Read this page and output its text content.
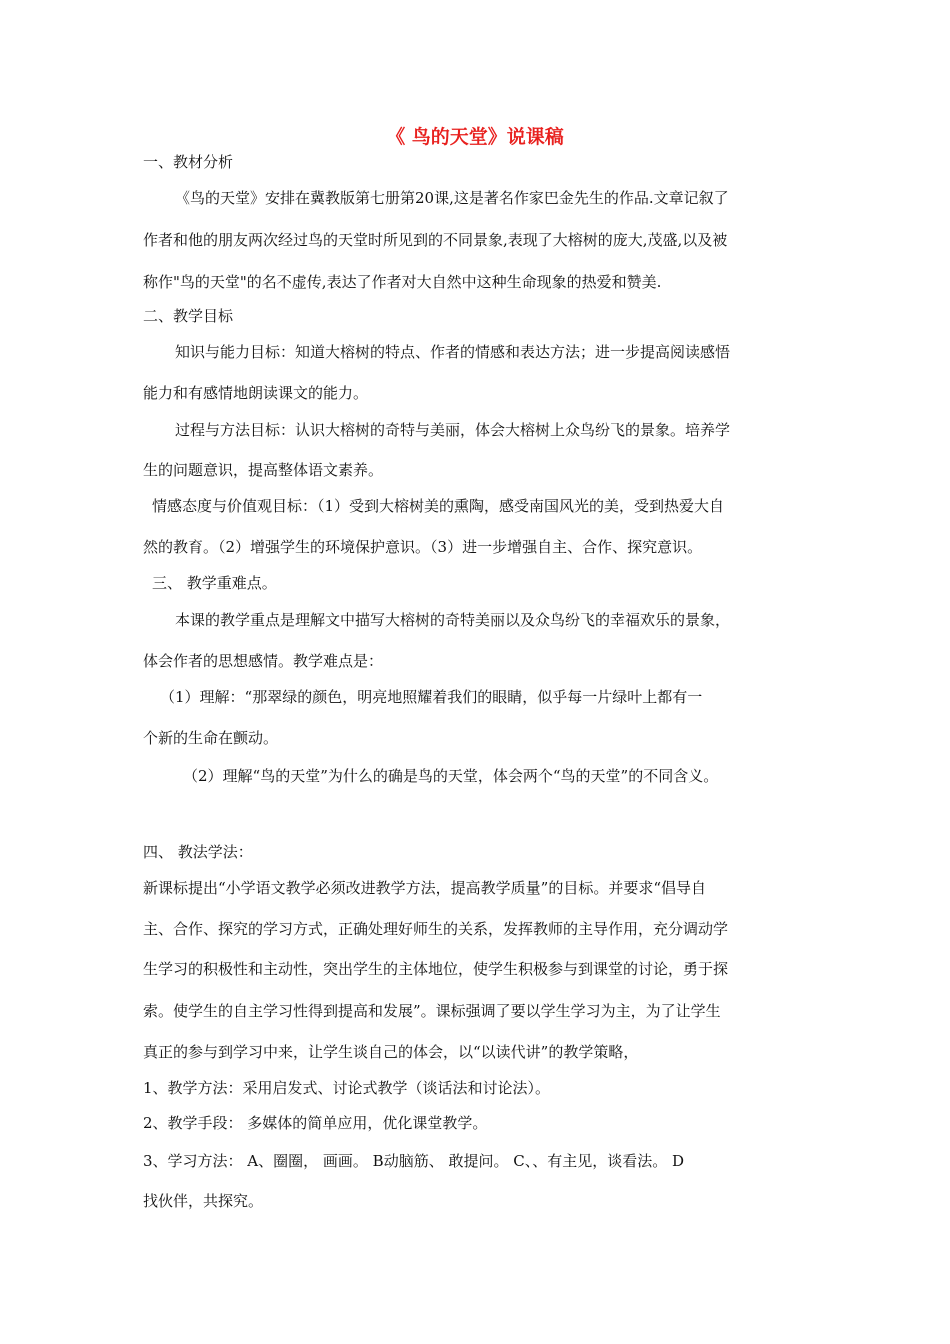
《 鸟的天堂》说课稿
一、教材分析
《鸟的天堂》安排在冀教版第七册第20课,这是著名作家巴金先生的作品.文章记叙了
作者和他的朋友两次经过鸟的天堂时所见到的不同景象,表现了大榕树的庞大,茂盛,以及被
称作"鸟的天堂"的名不虚传,表达了作者对大自然中这种生命现象的热爱和赞美.
二、教学目标
知识与能力目标：知道大榕树的特点、作者的情感和表达方法；进一步提高阅读感悟
能力和有感情地朗读课文的能力。
过程与方法目标：认识大榕树的奇特与美丽，体会大榕树上众鸟纷飞的景象。培养学
生的问题意识，提高整体语文素养。
情感态度与价值观目标：（1）受到大榕树美的熏陶，感受南国风光的美，受到热爱大自
然的教育。（2）增强学生的环境保护意识。（3）进一步增强自主、合作、探究意识。
三、 教学重难点。
本课的教学重点是理解文中描写大榕树的奇特美丽以及众鸟纷飞的幸福欢乐的景象，
体会作者的思想感情。教学难点是：
（1）理解：“那翠绿的颜色，明亮地照耀着我们的眼睛，似乎每一片绿叶上都有一
个新的生命在颤动。
（2）理解“鸟的天堂”为什么的确是鸟的天堂，体会两个“鸟的天堂”的不同含义。
四、 教法学法：
新课标提出“小学语文教学必须改进教学方法，提高教学质量”的目标。并要求“倡导自
主、合作、探究的学习方式，正确处理好师生的关系，发挥教师的主导作用，充分调动学
生学习的积极性和主动性，突出学生的主体地位，使学生积极参与到课堂的讨论，勇于探
索。使学生的自主学习性得到提高和发展”。课标强调了要以学生学习为主，为了让学生
真正的参与到学习中来，让学生谈自己的体会，以“以读代讲”的教学策略，
1、教学方法：采用启发式、讨论式教学（谈话法和讨论法）。
2、教学手段： 多媒体的简单应用，优化课堂教学。
3、学习方法： A、圈圈， 画画。 B动脑筋、 敢提问。 C、、有主见，谈看法。 D
找伙伴，共探究。
